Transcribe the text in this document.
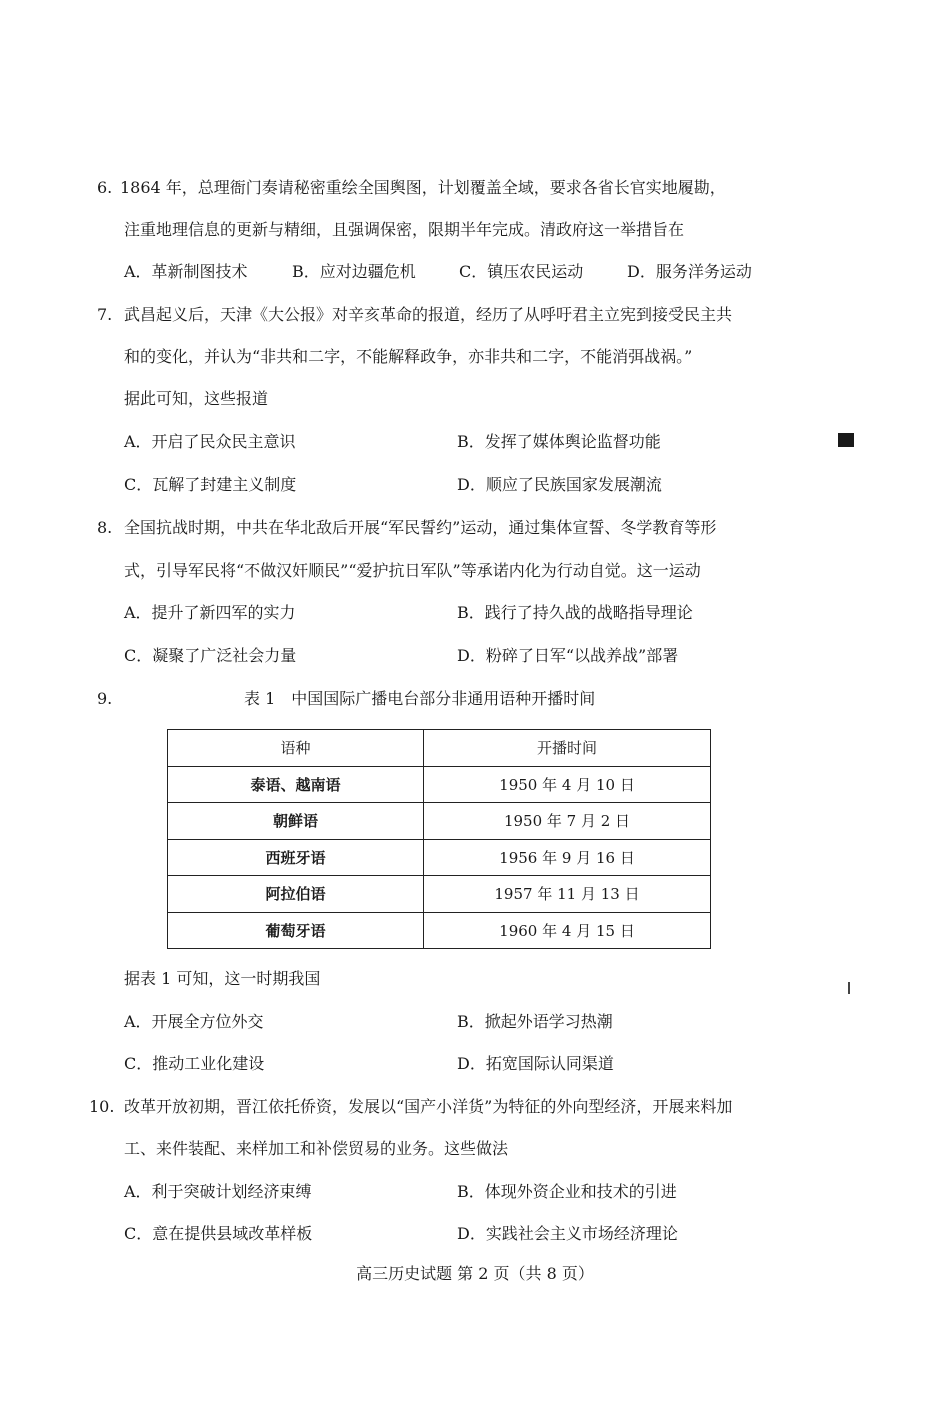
6. 1864 年，总理衙门奏请秘密重绘全国舆图，计划覆盖全域，要求各省长官实地履勘，
注重地理信息的更新与精细，且强调保密，限期半年完成。清政府这一举措旨在
A．革新制图技术	B．应对边疆危机	C．镇压农民运动	D．服务洋务运动
7. 武昌起义后，天津《大公报》对辛亥革命的报道，经历了从呼吁君主立宪到接受民主共
和的变化，并认为“非共和二字，不能解释政争，亦非共和二字，不能消弭战祸。”
据此可知，这些报道
A．开启了民众民主意识	B．发挥了媒体舆论监督功能
C．瓦解了封建主义制度	D．顺应了民族国家发展潮流
8. 全国抗战时期，中共在华北敌后开展“军民誓约”运动，通过集体宣誓、冬学教育等形
式，引导军民将“不做汉奸顺民”“爱护抗日军队”等承诺内化为行动自觉。这一运动
A．提升了新四军的实力	B．践行了持久战的战略指导理论
C．凝聚了广泛社会力量	D．粉碎了日军“以战养战”部署
9.	表 1　中国国际广播电台部分非通用语种开播时间
语种	开播时间
泰语、越南语	1950 年 4 月 10 日
朝鲜语	1950 年 7 月 2 日
西班牙语	1956 年 9 月 16 日
阿拉伯语	1957 年 11 月 13 日
葡萄牙语	1960 年 4 月 15 日
据表 1 可知，这一时期我国
A．开展全方位外交	B．掀起外语学习热潮
C．推动工业化建设	D．拓宽国际认同渠道
10. 改革开放初期，晋江依托侨资，发展以“国产小洋货”为特征的外向型经济，开展来料加
工、来件装配、来样加工和补偿贸易的业务。这些做法
A．利于突破计划经济束缚	B．体现外资企业和技术的引进
C．意在提供县域改革样板	D．实践社会主义市场经济理论
高三历史试题 第 2 页（共 8 页）
